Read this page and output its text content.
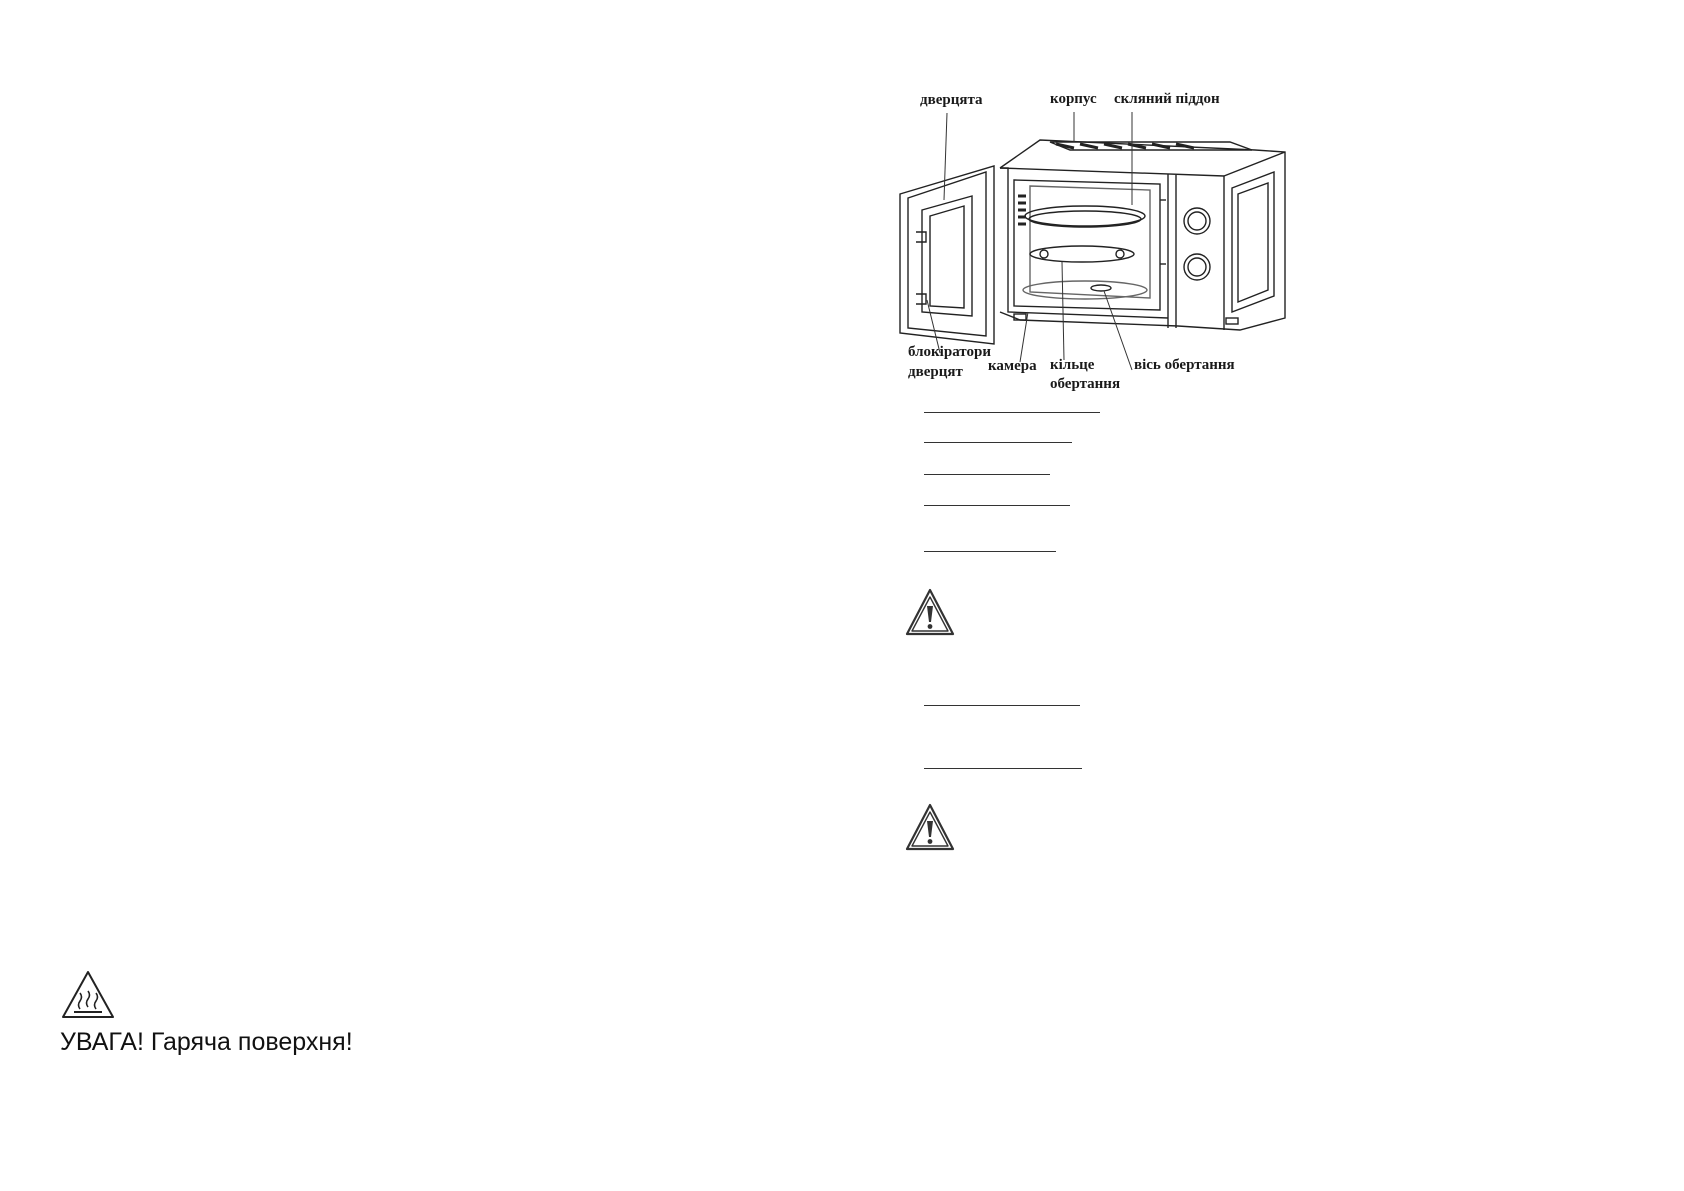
дверцята	корпус скляний піддон
блокіратори
дверцят камера кільце
обертання
вісь обертання
УВАГА! Гаряча поверхня!
